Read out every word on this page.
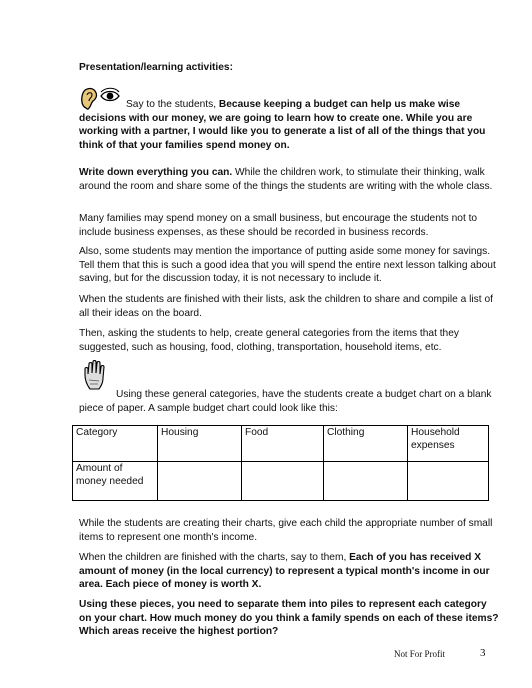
Presentation/learning activities:

Say to the students, Because keeping a budget can help us make wise decisions with our money, we are going to learn how to create one. While you are working with a partner, I would like you to generate a list of all of the things that you think of that your families spend money on.

Write down everything you can. While the children work, to stimulate their thinking, walk around the room and share some of the things the students are writing with the whole class.

Many families may spend money on a small business, but encourage the students not to include business expenses, as these should be recorded in business records.

Also, some students may mention the importance of putting aside some money for savings. Tell them that this is such a good idea that you will spend the entire next lesson talking about saving, but for the discussion today, it is not necessary to include it.

When the students are finished with their lists, ask the children to share and compile a list of all their ideas on the board.

Then, asking the students to help, create general categories from the items that they suggested, such as housing, food, clothing, transportation, household items, etc.

Using these general categories, have the students create a budget chart on a blank piece of paper. A sample budget chart could look like this:

Category	Housing	Food	Clothing	Household expenses
Amount of money needed				

While the students are creating their charts, give each child the appropriate number of small items to represent one month's income.

When the children are finished with the charts, say to them, Each of you has received X amount of money (in the local currency) to represent a typical month's income in our area. Each piece of money is worth X.

Using these pieces, you need to separate them into piles to represent each category on your chart. How much money do you think a family spends on each of these items? Which areas receive the highest portion?

Not For Profit	3
